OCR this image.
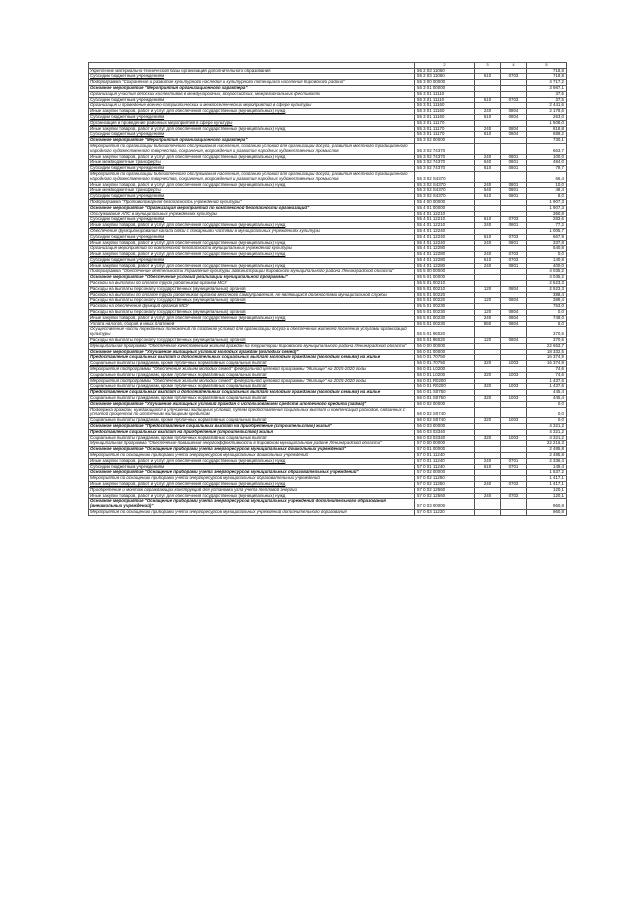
	2	3	4	5
Укрепление материально-технической базы организаций дополнительного образования	55 2 03 11060			718,8
Субсидии бюджетным учреждениям	55 2 03 11060	610	0703	718,8
Подпрограмма "Сохранение и развитие культурного наследия и культурного потенциала населения Кировского района"	55 3 00 00000			4 717,2
Основное мероприятие "Мероприятия организационного характера"	55 3 01 00000			3 987,1
Организация участия детских коллективов в международных, всероссийских, межрегиональных фестивалях	55 3 01 11110			37,5
Субсидии бюджетным учреждениям	55 3 01 11110	610	0703	37,5
Организация и проведение военно-патриотических и межпоселенческих мероприятий в сфере культуры	55 3 01 11160			2 441,6
Иные закупки товаров, работ и услуг для обеспечения государственных (муниципальных) нужд	55 3 01 11160	240	0804	2 178,6
Субсидии бюджетным учреждениям	55 3 01 11160	610	0804	263,0
Организация и проведение районных мероприятий в сфере культуры	55 3 01 11170			1 508,0
Иные закупки товаров, работ и услуг для обеспечения государственных (муниципальных) нужд	55 3 01 11170	240	0804	818,8
Субсидии бюджетным учреждениям	55 3 01 11170	610	0804	689,2
Основное мероприятие "Мероприятия организационного характера"	55 3 02 00000			730,1
Мероприятия по организации библиотечного обслуживания населения, созданию условий для организации досуга, развития местного традиционного народного художественного творчества, сохранения, возрождения и развития народных художественных промыслов	55 3 02 74370			663,7
Иные закупки товаров, работ и услуг для обеспечения государственных (муниципальных) нужд	55 3 02 74370	240	0801	100,0
Иные межбюджетные трансферты	55 3 02 74370	540	0801	484,0
Субсидии бюджетным учреждениям	55 3 02 74370	610	0801	79,7
Мероприятия по организации библиотечного обслуживания населения, созданию условий для организации досуга, развития местного традиционного народного художественного творчества, сохранения, возрождения и развития народных художественных промыслов	55 3 02 S4370			66,4
Иные закупки товаров, работ и услуг для обеспечения государственных (муниципальных) нужд	55 3 02 S4370	240	0801	10,0
Иные межбюджетные трансферты	55 3 02 S4370	540	0801	48,4
Субсидии бюджетным учреждениям	55 3 02 S4370	610	0801	8,0
Подпрограмма "Противопожарная безопасность учреждений культуры"	55 4 00 00000			1 907,3
Основное мероприятие "Организация мероприятий по комплексной безопасности организаций"	55 4 01 00000			1 907,3
Обслуживание АПС в муниципальных учреждениях культуры	55 4 01 12210			360,8
Субсидии бюджетным учреждениям	55 4 01 12210	610	0703	283,6
Иные закупки товаров, работ и услуг для обеспечения государственных (муниципальных) нужд	55 4 01 12210	240	0801	77,2
Обеспечение функционирования канала связи с пожарными частями в муниципальных учреждениях культуры	55 4 01 12240			1 005,7
Субсидии бюджетным учреждениям	55 4 01 12240	610	0703	667,9
Иные закупки товаров, работ и услуг для обеспечения государственных (муниципальных) нужд	55 4 01 12240	240	0801	337,8
Организация мероприятий по комплексной безопасности муниципальных учреждений культуры	55 4 01 12280			540,8
Иные закупки товаров, работ и услуг для обеспечения государственных (муниципальных) нужд	55 4 01 12280	240	0703	0,0
Субсидии бюджетным учреждениям	55 4 01 12280	610	0703	140,8
Иные закупки товаров, работ и услуг для обеспечения государственных (муниципальных) нужд	55 4 01 12280	240	0801	400,0
Подпрограмма "Обеспечение деятельности Управления культуры администрации Кировского муниципального района Ленинградской области"	55 5 00 00000			4 035,2
Основное мероприятие "Обеспечение условий реализации муниципальной программы"	55 5 01 00000			4 035,2
Расходы на выплаты по оплате труда работников органов МСУ	55 5 01 00210			2 523,3
Расходы на выплаты персоналу государственных (муниципальных) органов	55 5 01 00210	120	0804	2 523,3
Расходы на выплаты по оплате труда работников органов местного самоуправления, не являющихся должностями муниципальной службы	55 5 01 00220			388,4
Расходы на выплаты персоналу государственных (муниципальных) органов	55 5 01 00220	120	0804	388,4
Расходы на обеспечение функций органов МСУ	55 5 01 00230			753,0
Расходы на выплаты персоналу государственных (муниципальных) органов	55 5 01 00230	120	0804	0,0
Иные закупки товаров, работ и услуг для обеспечения государственных (муниципальных) нужд	55 5 01 00230	240	0804	748,0
Уплата налогов, сборов и иных платежей	55 5 01 00230	850	0804	5,0
Осуществление части переданных полномочий по созданию условий для организации досуга и обеспечения жителей поселения услугами организаций культуры	55 5 01 96020			370,5
Расходы на выплаты персоналу государственных (муниципальных) органов	55 5 01 96020	120	0804	370,5
Муниципальная программа "Обеспечение качественным жильем граждан на территории Кировского муниципального района Ленинградской области"	56 0 00 00000			22 653,7
Основное мероприятие "Улучшение жилищных условий молодых граждан (молодых семей)"	56 0 01 00000			18 332,5
Предоставление социальных выплат и дополнительных социальных выплат молодым гражданам (молодым семьям) на жилье	56 0 01 70750			16 374,9
Социальные выплаты гражданам, кроме публичных нормативных социальных выплат	56 0 01 70750	320	1003	16 374,9
Мероприятия подпрограммы "Обеспечение жильем молодых семей" федеральной целевой программы "Жилище" на 2015-2020 годы	56 0 01 L0200			74,6
Социальные выплаты гражданам, кроме публичных нормативных социальных выплат	56 0 01 L0200	320	1003	74,6
Мероприятия подпрограммы "Обеспечение жильем молодых семей" федеральной целевой программы "Жилище" на 2015-2020 годы	56 0 01 R0200			1 437,6
Социальные выплаты гражданам, кроме публичных нормативных социальных выплат	56 0 01 R0200	320	1003	1 437,6
Предоставление социальных выплат и дополнительных социальных выплат молодым гражданам (молодым семьям) на жилье	56 0 01 S0750			445,4
Социальные выплаты гражданам, кроме публичных нормативных социальных выплат	56 0 01 S0750	320	1003	445,4
Основное мероприятие "Улучшение жилищных условий граждан с использованием средств ипотечного кредита (займа)"	56 0 02 00000			0,0
Поддержка граждан, нуждающихся в улучшении жилищных условий, путем предоставления социальных выплат и компенсаций расходов, связанных с уплатой процентов по ипотечным жилищным кредитам	56 0 02 S0740			0,0
Социальные выплаты гражданам, кроме публичных нормативных социальных выплат	56 0 02 S0740	320	1003	0,0
Основное мероприятие "Предоставление социальных выплат на приобретение (строительство) жилья"	56 0 03 00000			4 321,2
Предоставление социальных выплат на приобретение (строительство) жилья	56 0 03 03340			4 321,2
Социальные выплаты гражданам, кроме публичных нормативных социальных выплат	56 0 03 03340	320	1003	4 321,2
Муниципальная программа "Обеспечение повышения энергоэффективности в Кировском муниципальном районе Ленинградской области"	57 0 00 00000			22 216,3
Основное мероприятие "Оснащение приборами учета энергоресурсов муниципальных дошкольных учреждений"	57 0 01 00000			2 485,8
Мероприятия по оснащению приборами учета энергоресурсов муниципальных дошкольных учреждений	57 0 01 11240			2 485,8
Иные закупки товаров, работ и услуг для обеспечения государственных (муниципальных) нужд	57 0 01 11240	240	0701	2 336,4
Субсидии бюджетным учреждениям	57 0 01 11240	610	0701	149,4
Основное мероприятие "Оснащение приборами учета энергоресурсов муниципальных образовательных учреждений"	57 0 02 00000			1 537,2
Мероприятия по оснащению приборами учета энергоресурсов муниципальных образовательных учреждений	57 0 02 11250			1 417,1
Иные закупки товаров, работ и услуг для обеспечения государственных (муниципальных) нужд	57 0 02 11250	240	0702	1 417,1
Приобретение и монтаж ограждающих конструкций для установки узла учета тепловой энергии	57 0 02 12560			120,1
Иные закупки товаров, работ и услуг для обеспечения государственных (муниципальных) нужд	57 0 02 12560	240	0702	120,1
Основное мероприятие "Оснащение приборами учета энергоресурсов муниципальных учреждений дополнительного образования (внешкольных учреждений)"	57 0 03 00000			960,8
Мероприятия по оснащению приборами учета энергоресурсов муниципальных учреждений дополнительного образования	57 0 03 11220			960,8
